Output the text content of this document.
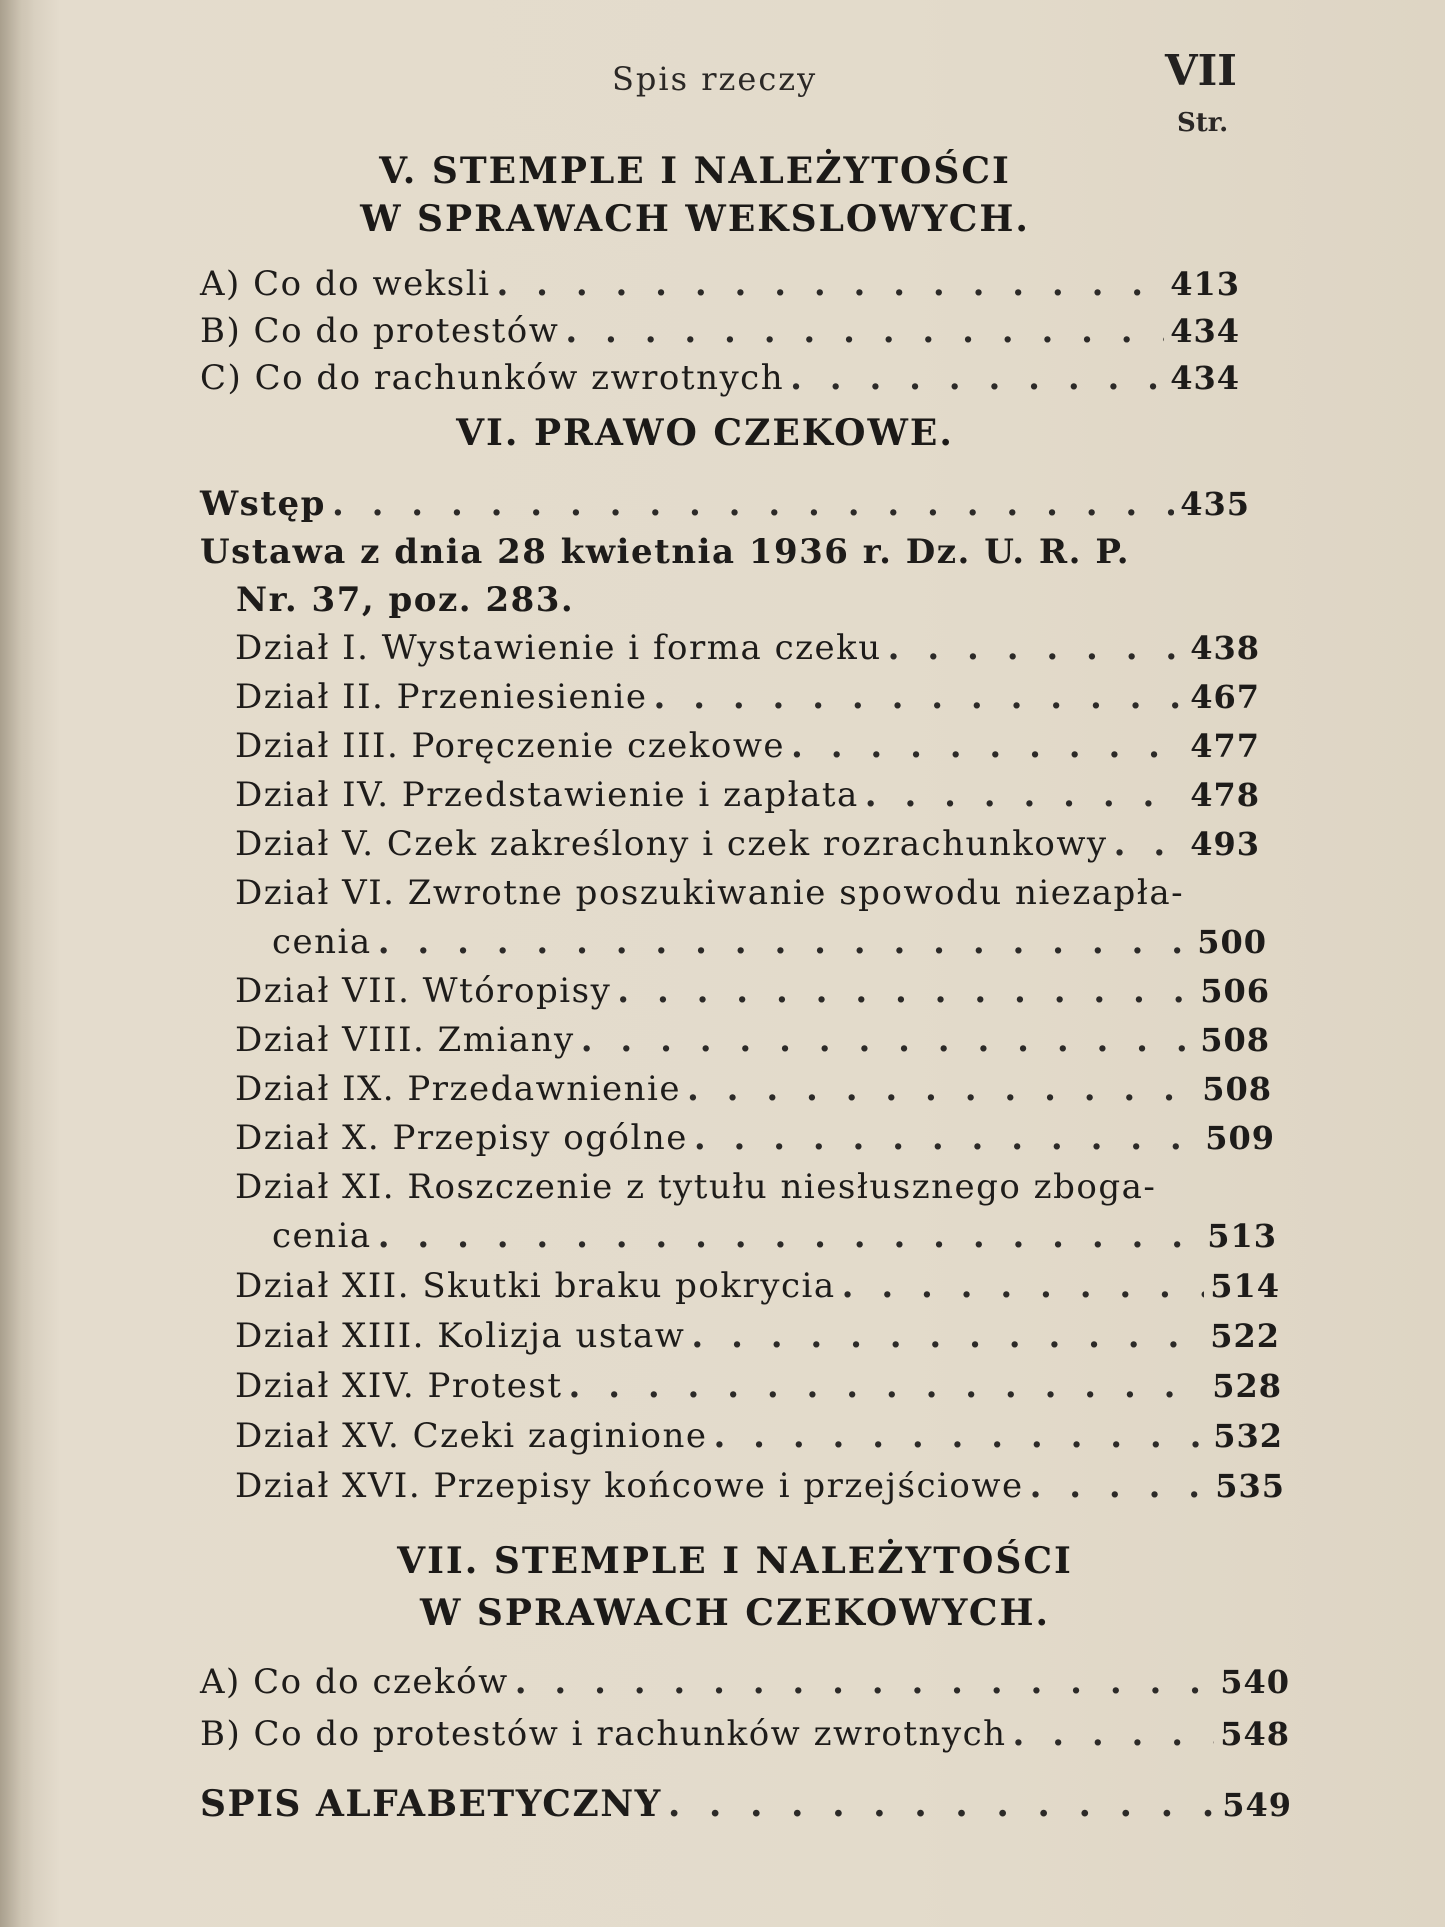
Spis rzeczy	VII
Str.
V. STEMPLE I NALEŻYTOŚCI
W SPRAWACH WEKSLOWYCH.
A) Co do weksli . . .	413
B) Co do protestów . . .	434
C) Co do rachunków zwrotnych . . .	434
VI. PRAWO CZEKOWE.
Wstęp . . .	435
Ustawa z dnia 28 kwietnia 1936 r. Dz. U. R. P.
Nr. 37, poz. 283.
Dział I. Wystawienie i forma czeku . . .	438
Dział II. Przeniesienie . . .	467
Dział III. Poręczenie czekowe . . .	477
Dział IV. Przedstawienie i zapłata . . .	478
Dział V. Czek zakreślony i czek rozrachunkowy . . .	493
Dział VI. Zwrotne poszukiwanie spowodu niezapła-
cenia . . .	500
Dział VII. Wtóropisy . . .	506
Dział VIII. Zmiany . . .	508
Dział IX. Przedawnienie . . .	508
Dział X. Przepisy ogólne . . .	509
Dział XI. Roszczenie z tytułu niesłusznego zboga-
cenia . . .	513
Dział XII. Skutki braku pokrycia . . .	514
Dział XIII. Kolizja ustaw . . .	522
Dział XIV. Protest . . .	528
Dział XV. Czeki zaginione . . .	532
Dział XVI. Przepisy końcowe i przejściowe . . .	535
VII. STEMPLE I NALEŻYTOŚCI
W SPRAWACH CZEKOWYCH.
A) Co do czeków . . .	540
B) Co do protestów i rachunków zwrotnych . . .	548
SPIS ALFABETYCZNY . . .	549
